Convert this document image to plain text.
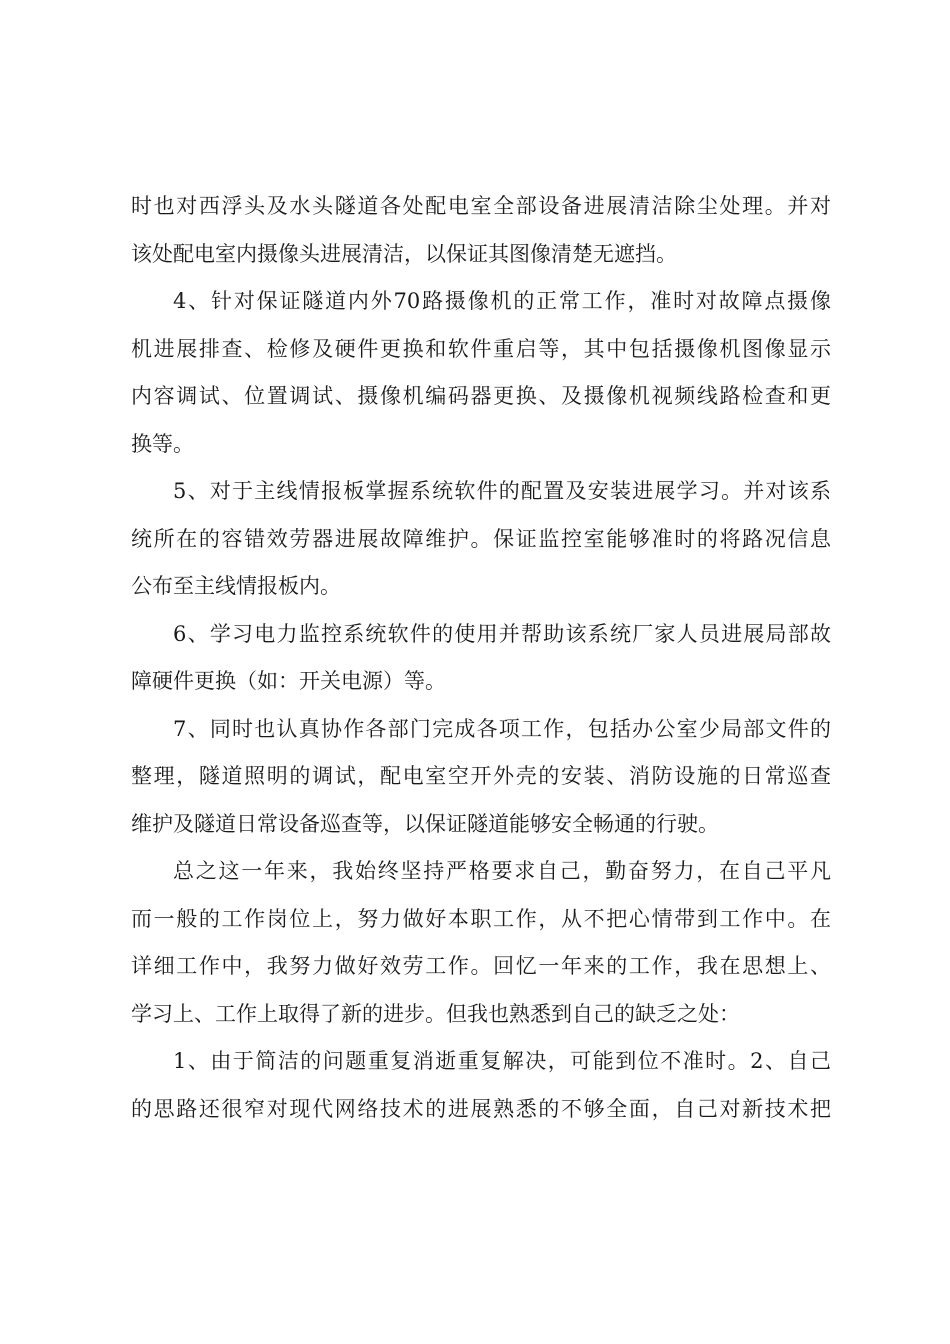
时也对西浮头及水头隧道各处配电室全部设备进展清洁除尘处理。并对
该处配电室内摄像头进展清洁，以保证其图像清楚无遮挡。
4、针对保证隧道内外70路摄像机的正常工作，准时对故障点摄像
机进展排查、检修及硬件更换和软件重启等，其中包括摄像机图像显示
内容调试、位置调试、摄像机编码器更换、及摄像机视频线路检查和更
换等。
5、对于主线情报板掌握系统软件的配置及安装进展学习。并对该系
统所在的容错效劳器进展故障维护。保证监控室能够准时的将路况信息
公布至主线情报板内。
6、学习电力监控系统软件的使用并帮助该系统厂家人员进展局部故
障硬件更换（如：开关电源）等。
7、同时也认真协作各部门完成各项工作，包括办公室少局部文件的
整理，隧道照明的调试，配电室空开外壳的安装、消防设施的日常巡查
维护及隧道日常设备巡查等，以保证隧道能够安全畅通的行驶。
总之这一年来，我始终坚持严格要求自己，勤奋努力，在自己平凡
而一般的工作岗位上，努力做好本职工作，从不把心情带到工作中。在
详细工作中，我努力做好效劳工作。回忆一年来的工作，我在思想上、
学习上、工作上取得了新的进步。但我也熟悉到自己的缺乏之处：
1、由于简洁的问题重复消逝重复解决，可能到位不准时。2、自己
的思路还很窄对现代网络技术的进展熟悉的不够全面，自己对新技术把
